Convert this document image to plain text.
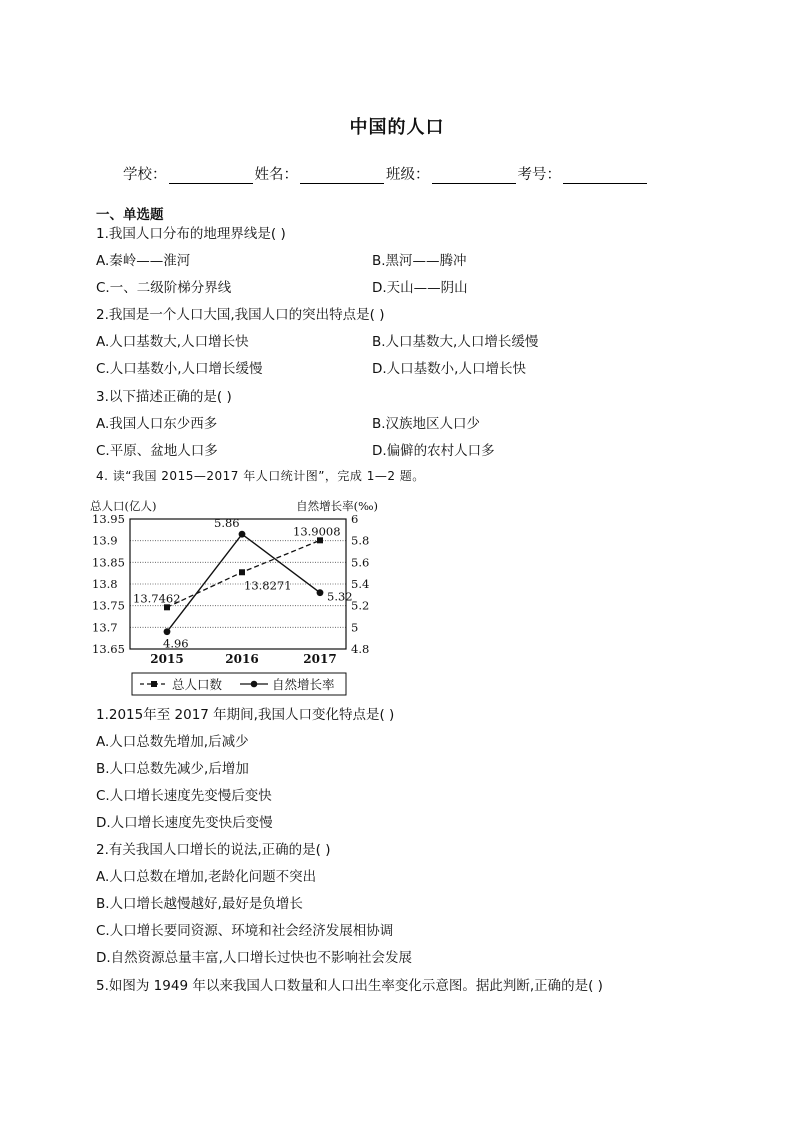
中国的人口
学校：	姓名：	班级：	考号：
一、单选题
1.我国人口分布的地理界线是( )
A.秦岭——淮河	B.黑河——腾冲
C.一、二级阶梯分界线	D.天山——阴山
2.我国是一个人口大国,我国人口的突出特点是( )
A.人口基数大,人口增长快	B.人口基数大,人口增长缓慢
C.人口基数小,人口增长缓慢	D.人口基数小,人口增长快
3.以下描述正确的是( )
A.我国人口东少西多	B.汉族地区人口少
C.平原、盆地人口多	D.偏僻的农村人口多
4. 读“我国 2015—2017 年人口统计图”，完成 1—2 题。
总人口(亿人)	自然增长率(‰)
13.95
13.9
13.85
13.8
13.75
13.7
13.65
6
5.8
5.6
5.4
5.2
5
4.8
2015	2016	2017
13.7462
13.8271
13.9008
4.96
5.86
5.32
总人口数	自然增长率
1.2015年至 2017 年期间,我国人口变化特点是( )
A.人口总数先增加,后减少
B.人口总数先减少,后增加
C.人口增长速度先变慢后变快
D.人口增长速度先变快后变慢
2.有关我国人口增长的说法,正确的是( )
A.人口总数在增加,老龄化问题不突出
B.人口增长越慢越好,最好是负增长
C.人口增长要同资源、环境和社会经济发展相协调
D.自然资源总量丰富,人口增长过快也不影响社会发展
5.如图为 1949 年以来我国人口数量和人口出生率变化示意图。据此判断,正确的是( )
